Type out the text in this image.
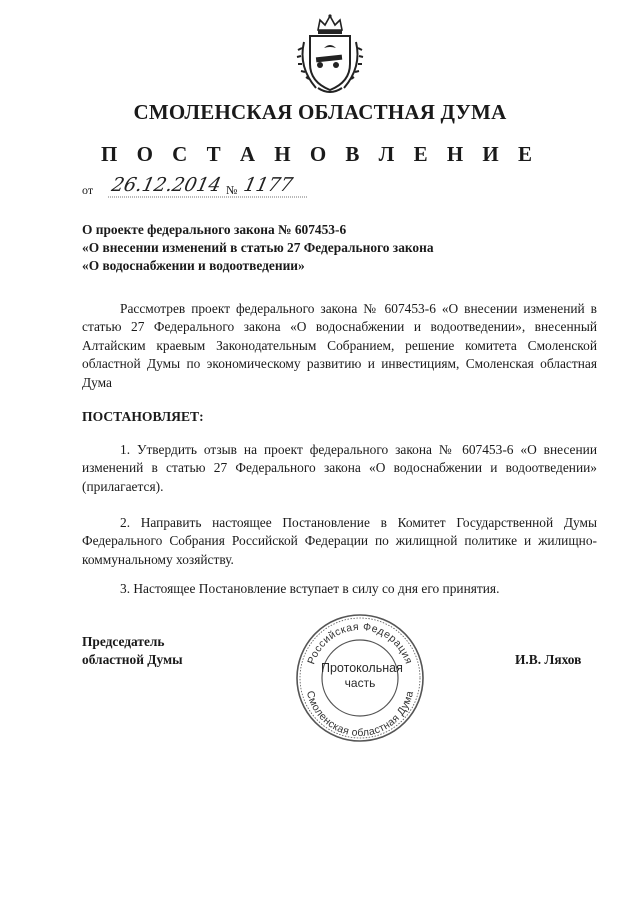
СМОЛЕНСКАЯ ОБЛАСТНАЯ ДУМА
П О С Т А Н О В Л Е Н И Е
от 26.12.2014 № 1177
О проекте федерального закона № 607453-6
«О внесении изменений в статью 27 Федерального закона
«О водоснабжении и водоотведении»
Рассмотрев проект федерального закона № 607453-6 «О внесении изменений в статью 27 Федерального закона «О водоснабжении и водоотведении», внесенный Алтайским краевым Законодательным Собранием, решение комитета Смоленской областной Думы по экономическому развитию и инвестициям, Смоленская областная Дума
ПОСТАНОВЛЯЕТ:
1. Утвердить отзыв на проект федерального закона № 607453-6 «О внесении изменений в статью 27 Федерального закона «О водоснабжении и водоотведении» (прилагается).
2. Направить настоящее Постановление в Комитет Государственной Думы Федерального Собрания Российской Федерации по жилищной политике и жилищно-коммунальному хозяйству.
3. Настоящее Постановление вступает в силу со дня его принятия.
Председатель
областной Думы	И.В. Ляхов
Российская Федерация
Смоленская областная Дума
Протокольная
часть
